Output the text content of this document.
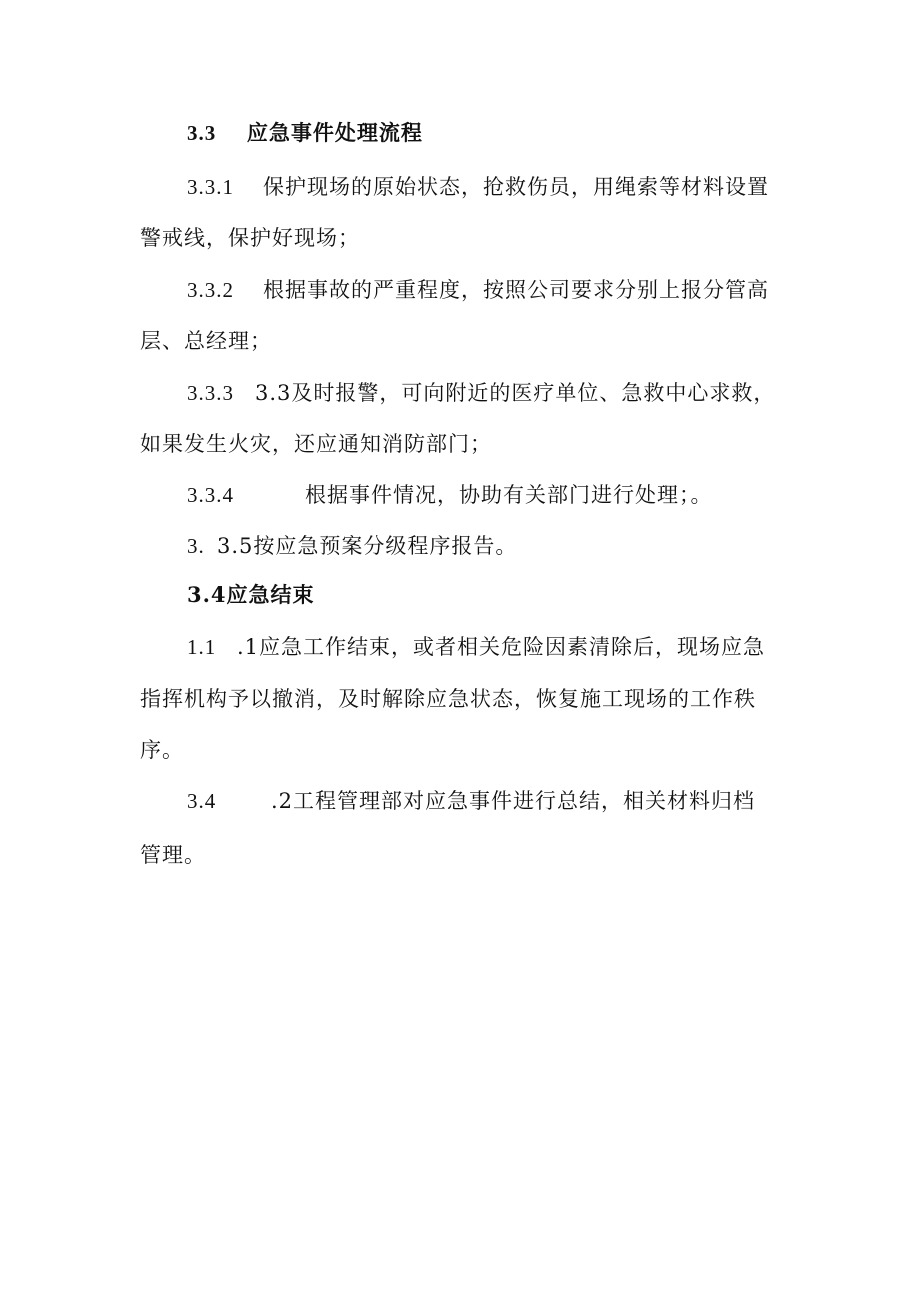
3.3 应急事件处理流程
3.3.1 保护现场的原始状态，抢救伤员，用绳索等材料设置
警戒线，保护好现场；
3.3.2 根据事故的严重程度，按照公司要求分别上报分管高
层、总经理；
3.3.3 3.3及时报警，可向附近的医疗单位、急救中心求救，
如果发生火灾，还应通知消防部门；
3.3.4	根据事件情况，协助有关部门进行处理；。
3. 3.5按应急预案分级程序报告。
3.4应急结束
1.1 .1应急工作结束，或者相关危险因素清除后，现场应急
指挥机构予以撤消，及时解除应急状态，恢复施工现场的工作秩
序。
3.4	.2工程管理部对应急事件进行总结，相关材料归档
管理。
